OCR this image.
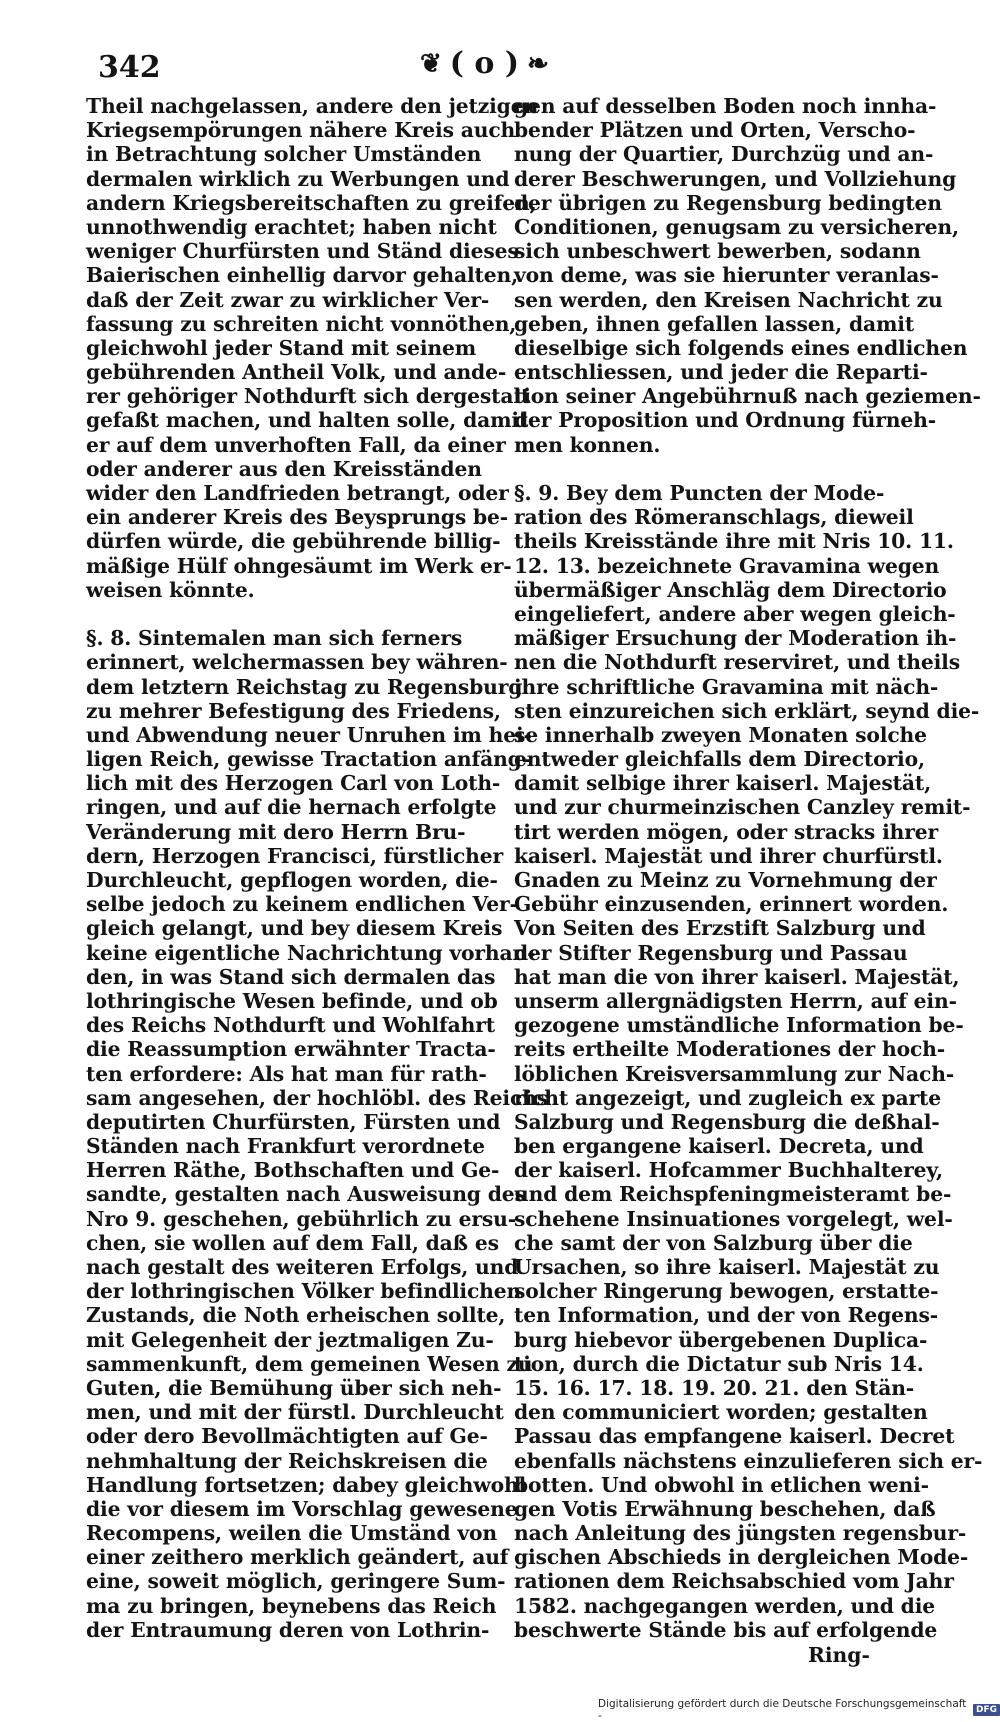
342	❦ ( o ) ❧
Theil nachgelassen, andere den jetzigen
Kriegsempörungen nähere Kreis auch
in Betrachtung solcher Umständen
dermalen wirklich zu Werbungen und
andern Kriegsbereitschaften zu greifen,
unnothwendig erachtet; haben nicht
weniger Churfürsten und Ständ dieses
Baierischen einhellig darvor gehalten,
daß der Zeit zwar zu wirklicher Ver-
fassung zu schreiten nicht vonnöthen,
gleichwohl jeder Stand mit seinem
gebührenden Antheil Volk, und ande-
rer gehöriger Nothdurft sich dergestalt
gefaßt machen, und halten solle, damit
er auf dem unverhoften Fall, da einer
oder anderer aus den Kreisständen
wider den Landfrieden betrangt, oder
ein anderer Kreis des Beysprungs be-
dürfen würde, die gebührende billig-
mäßige Hülf ohngesäumt im Werk er-
weisen könnte.
§. 8. Sintemalen man sich ferners
erinnert, welchermassen bey währen-
dem letztern Reichstag zu Regensburg
zu mehrer Befestigung des Friedens,
und Abwendung neuer Unruhen im hei-
ligen Reich, gewisse Tractation anfäng-
lich mit des Herzogen Carl von Loth-
ringen, und auf die hernach erfolgte
Veränderung mit dero Herrn Bru-
dern, Herzogen Francisci, fürstlicher
Durchleucht, gepflogen worden, die-
selbe jedoch zu keinem endlichen Ver-
gleich gelangt, und bey diesem Kreis
keine eigentliche Nachrichtung vorhan-
den, in was Stand sich dermalen das
lothringische Wesen befinde, und ob
des Reichs Nothdurft und Wohlfahrt
die Reassumption erwähnter Tracta-
ten erfordere: Als hat man für rath-
sam angesehen, der hochlöbl. des Reichs
deputirten Churfürsten, Fürsten und
Ständen nach Frankfurt verordnete
Herren Räthe, Bothschaften und Ge-
sandte, gestalten nach Ausweisung des
Nro 9. geschehen, gebührlich zu ersu-
chen, sie wollen auf dem Fall, daß es
nach gestalt des weiteren Erfolgs, und
der lothringischen Völker befindlichen
Zustands, die Noth erheischen sollte,
mit Gelegenheit der jeztmaligen Zu-
sammenkunft, dem gemeinen Wesen zu
Guten, die Bemühung über sich neh-
men, und mit der fürstl. Durchleucht
oder dero Bevollmächtigten auf Ge-
nehmhaltung der Reichskreisen die
Handlung fortsetzen; dabey gleichwohl
die vor diesem im Vorschlag gewesene
Recompens, weilen die Umständ von
einer zeithero merklich geändert, auf
eine, soweit möglich, geringere Sum-
ma zu bringen, beynebens das Reich
der Entraumung deren von Lothrin-
gen auf desselben Boden noch innha-
bender Plätzen und Orten, Verscho-
nung der Quartier, Durchzüg und an-
derer Beschwerungen, und Vollziehung
der übrigen zu Regensburg bedingten
Conditionen, genugsam zu versicheren,
sich unbeschwert bewerben, sodann
von deme, was sie hierunter veranlas-
sen werden, den Kreisen Nachricht zu
geben, ihnen gefallen lassen, damit
dieselbige sich folgends eines endlichen
entschliessen, und jeder die Reparti-
tion seiner Angebührnuß nach geziemen-
der Proposition und Ordnung fürneh-
men konnen.
§. 9. Bey dem Puncten der Mode-
ration des Römeranschlags, dieweil
theils Kreisstände ihre mit Nris 10. 11.
12. 13. bezeichnete Gravamina wegen
übermäßiger Anschläg dem Directorio
eingeliefert, andere aber wegen gleich-
mäßiger Ersuchung der Moderation ih-
nen die Nothdurft reserviret, und theils
ihre schriftliche Gravamina mit näch-
sten einzureichen sich erklärt, seynd die-
se innerhalb zweyen Monaten solche
entweder gleichfalls dem Directorio,
damit selbige ihrer kaiserl. Majestät,
und zur churmeinzischen Canzley remit-
tirt werden mögen, oder stracks ihrer
kaiserl. Majestät und ihrer churfürstl.
Gnaden zu Meinz zu Vornehmung der
Gebühr einzusenden, erinnert worden.
Von Seiten des Erzstift Salzburg und
der Stifter Regensburg und Passau
hat man die von ihrer kaiserl. Majestät,
unserm allergnädigsten Herrn, auf ein-
gezogene umständliche Information be-
reits ertheilte Moderationes der hoch-
löblichen Kreisversammlung zur Nach-
richt angezeigt, und zugleich ex parte
Salzburg und Regensburg die deßhal-
ben ergangene kaiserl. Decreta, und
der kaiserl. Hofcammer Buchhalterey,
und dem Reichspfeningmeisteramt be-
schehene Insinuationes vorgelegt, wel-
che samt der von Salzburg über die
Ursachen, so ihre kaiserl. Majestät zu
solcher Ringerung bewogen, erstatte-
ten Information, und der von Regens-
burg hiebevor übergebenen Duplica-
tion, durch die Dictatur sub Nris 14.
15. 16. 17. 18. 19. 20. 21. den Stän-
den communiciert worden; gestalten
Passau das empfangene kaiserl. Decret
ebenfalls nächstens einzulieferen sich er-
botten. Und obwohl in etlichen weni-
gen Votis Erwähnung beschehen, daß
nach Anleitung des jüngsten regensbur-
gischen Abschieds in dergleichen Mode-
rationen dem Reichsabschied vom Jahr
1582. nachgegangen werden, und die
beschwerte Stände bis auf erfolgende
Ring-
Digitalisierung gefördert durch die Deutsche Forschungsgemeinschaft -	DFG
